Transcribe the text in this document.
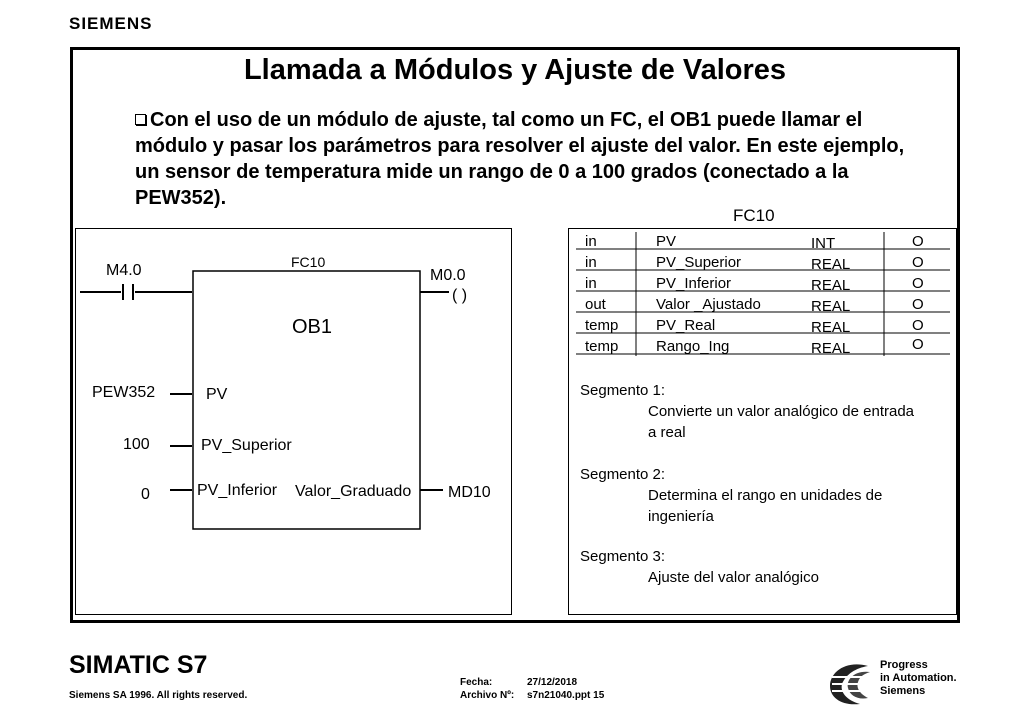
SIEMENS
Llamada a Módulos y Ajuste de Valores
Con el uso de un módulo de ajuste, tal como un FC, el OB1 puede llamar el módulo y pasar los parámetros para resolver el ajuste del valor. En este ejemplo, un sensor de temperatura mide un rango de 0 a 100 grados (conectado a la PEW352).
M4.0	FC10
M0.0
( )
OB1
PEW352	PV
100	PV_Superior
0	PV_Inferior Valor_Graduado MD10
FC10
in	PV	INT	O
in	PV_Superior	REAL	O
in	PV_Inferior	REAL	O
out	Valor _Ajustado	REAL	O
temp	PV_Real	REAL	O
temp	Rango_Ing	REAL	O
Segmento 1:
Convierte un valor analógico de entrada
a real
Segmento 2:
Determina el rango en unidades de
ingeniería
Segmento 3:
Ajuste del valor analógico
SIMATIC S7
Siemens SA 1996. All rights reserved.
Fecha:	27/12/2018
Archivo Nº: s7n21040.ppt 15
Progress
in Automation.
Siemens
